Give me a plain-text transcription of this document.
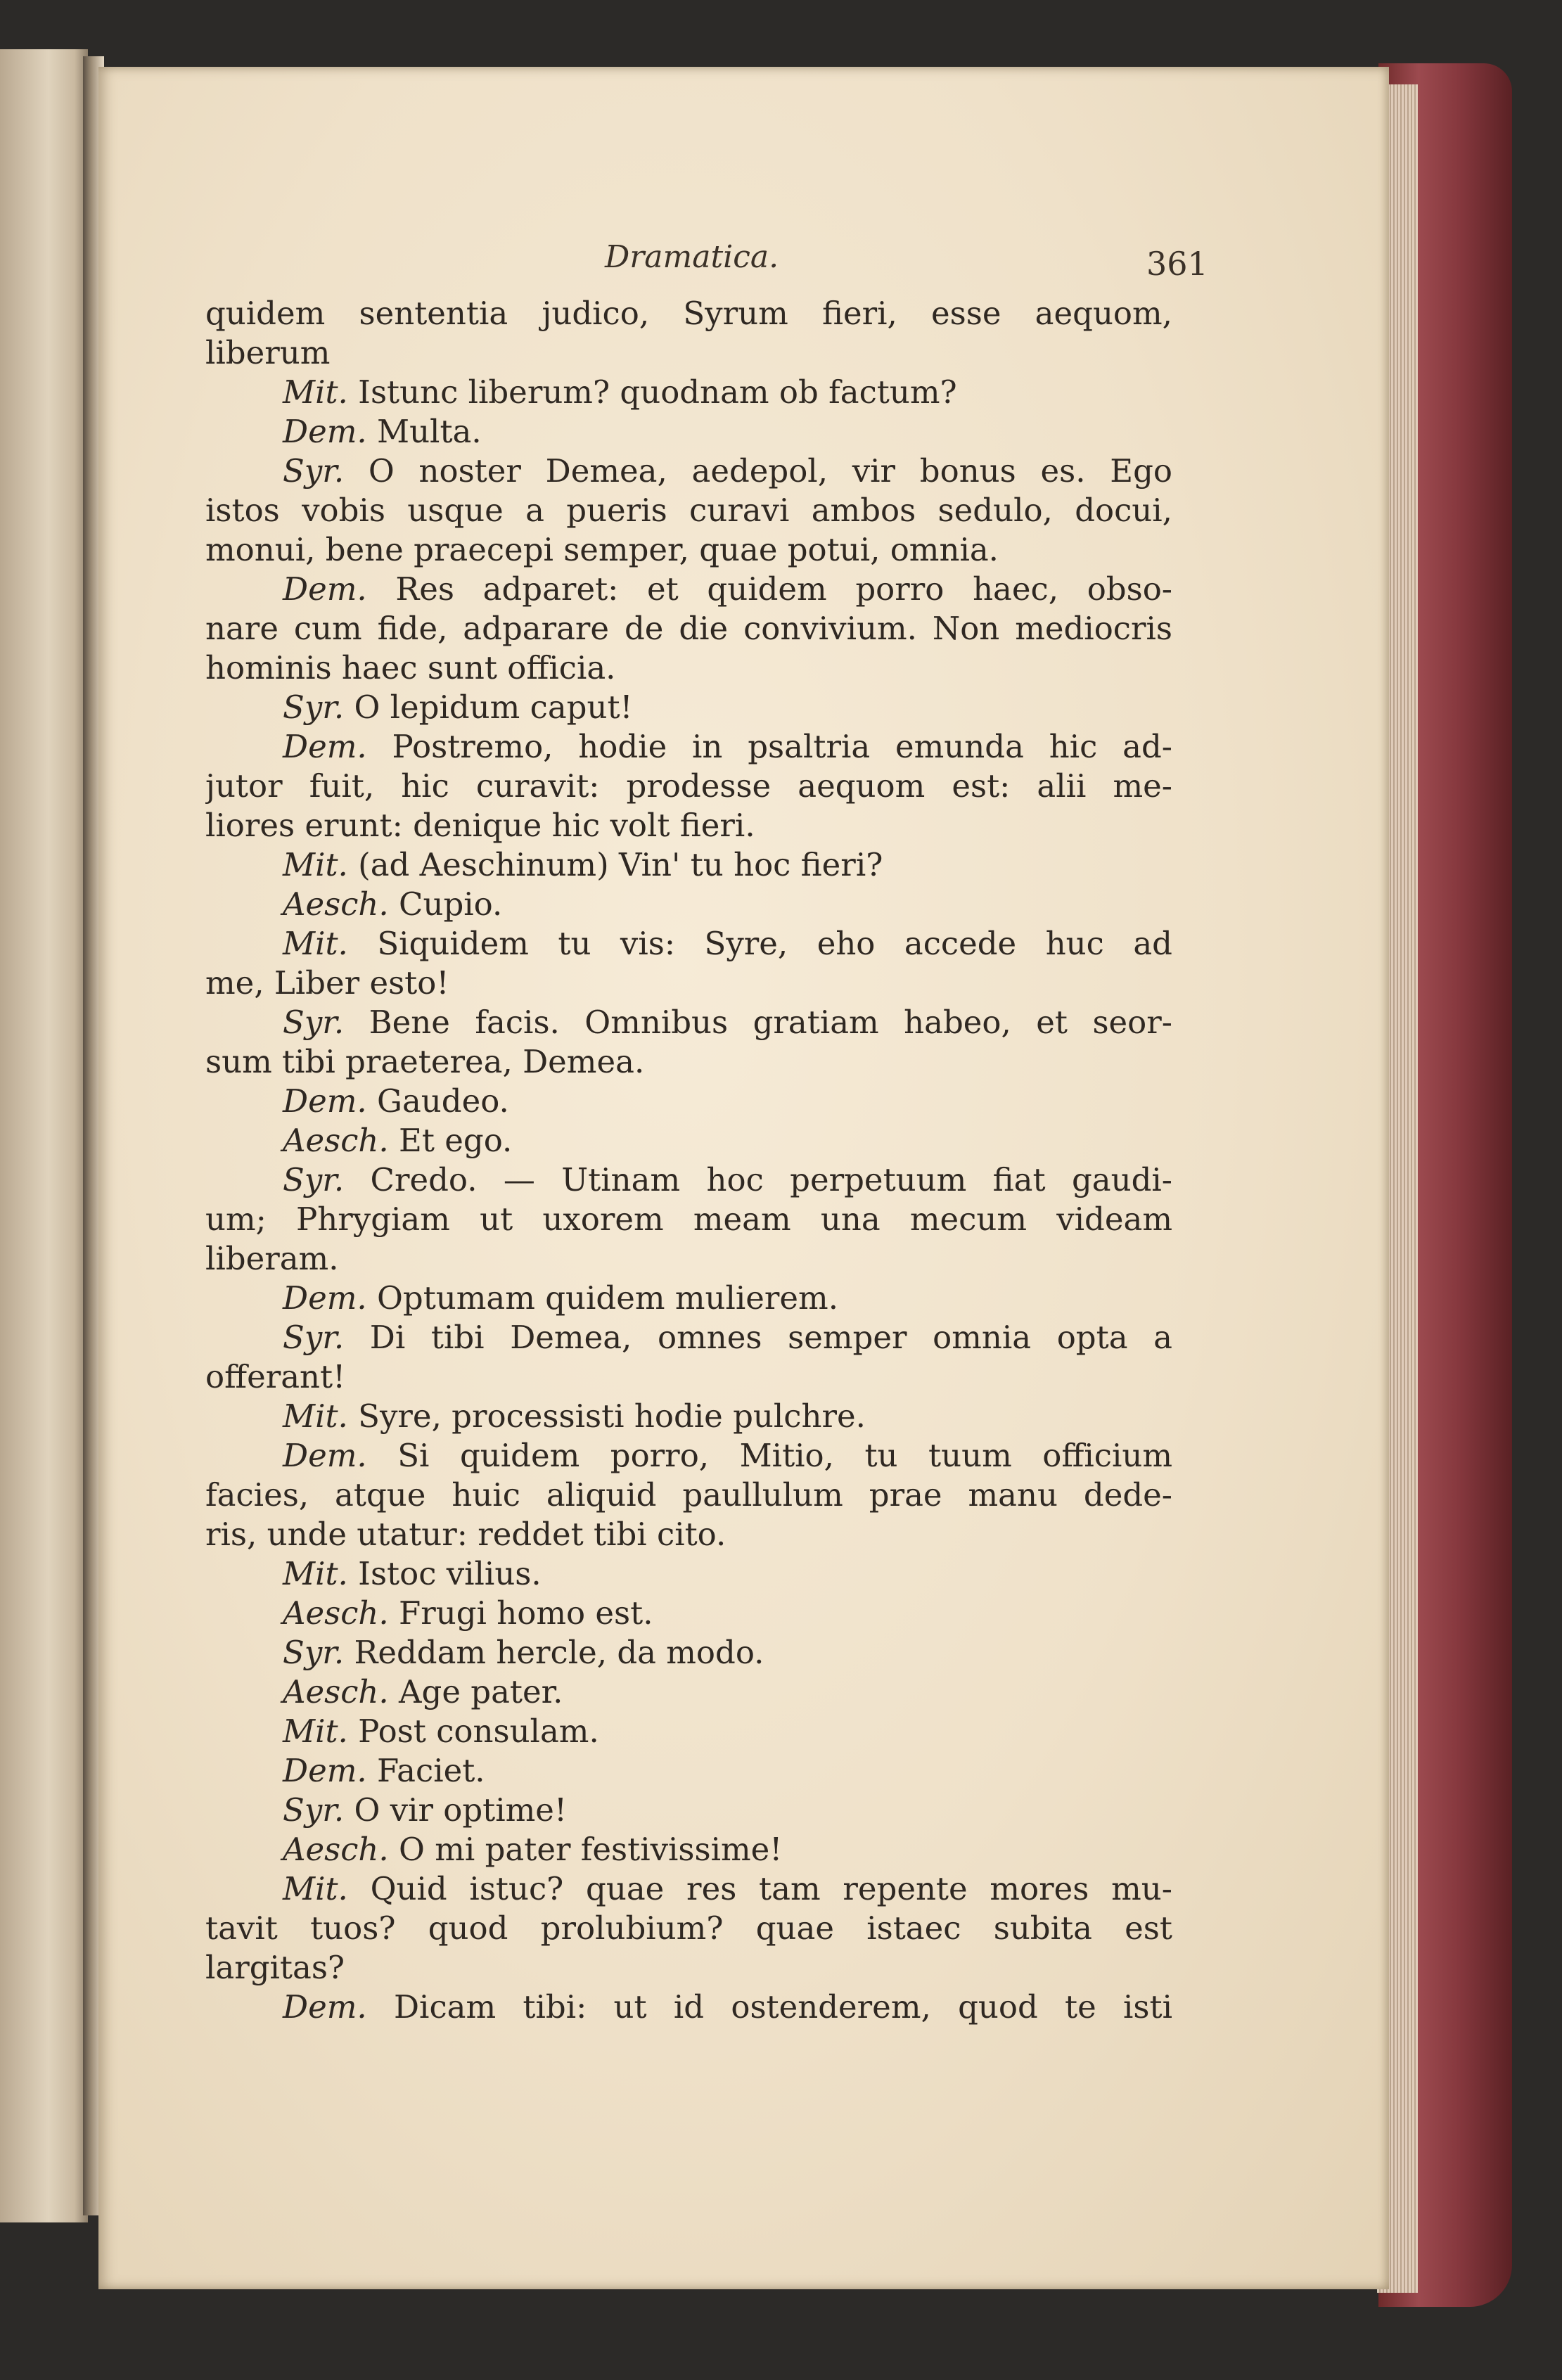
Dramatica.	361
quidem sententia judico, Syrum fieri, esse aequom,
liberum
Mit. Istunc liberum? quodnam ob factum?
Dem. Multa.
Syr. O noster Demea, aedepol, vir bonus es. Ego
istos vobis usque a pueris curavi ambos sedulo, docui,
monui, bene praecepi semper, quae potui, omnia.
Dem. Res adparet: et quidem porro haec, obso-
nare cum fide, adparare de die convivium. Non mediocris
hominis haec sunt officia.
Syr. O lepidum caput!
Dem. Postremo, hodie in psaltria emunda hic ad-
jutor fuit, hic curavit: prodesse aequom est: alii me-
liores erunt: denique hic volt fieri.
Mit. (ad Aeschinum) Vin' tu hoc fieri?
Aesch. Cupio.
Mit. Siquidem tu vis: Syre, eho accede huc ad
me, Liber esto!
Syr. Bene facis. Omnibus gratiam habeo, et seor-
sum tibi praeterea, Demea.
Dem. Gaudeo.
Aesch. Et ego.
Syr. Credo. — Utinam hoc perpetuum fiat gaudi-
um; Phrygiam ut uxorem meam una mecum videam
liberam.
Dem. Optumam quidem mulierem.
Syr. Di tibi Demea, omnes semper omnia opta a
offerant!
Mit. Syre, processisti hodie pulchre.
Dem. Si quidem porro, Mitio, tu tuum officium
facies, atque huic aliquid paullulum prae manu dede-
ris, unde utatur: reddet tibi cito.
Mit. Istoc vilius.
Aesch. Frugi homo est.
Syr. Reddam hercle, da modo.
Aesch. Age pater.
Mit. Post consulam.
Dem. Faciet.
Syr. O vir optime!
Aesch. O mi pater festivissime!
Mit. Quid istuc? quae res tam repente mores mu-
tavit tuos? quod prolubium? quae istaec subita est
largitas?
Dem. Dicam tibi: ut id ostenderem, quod te isti
